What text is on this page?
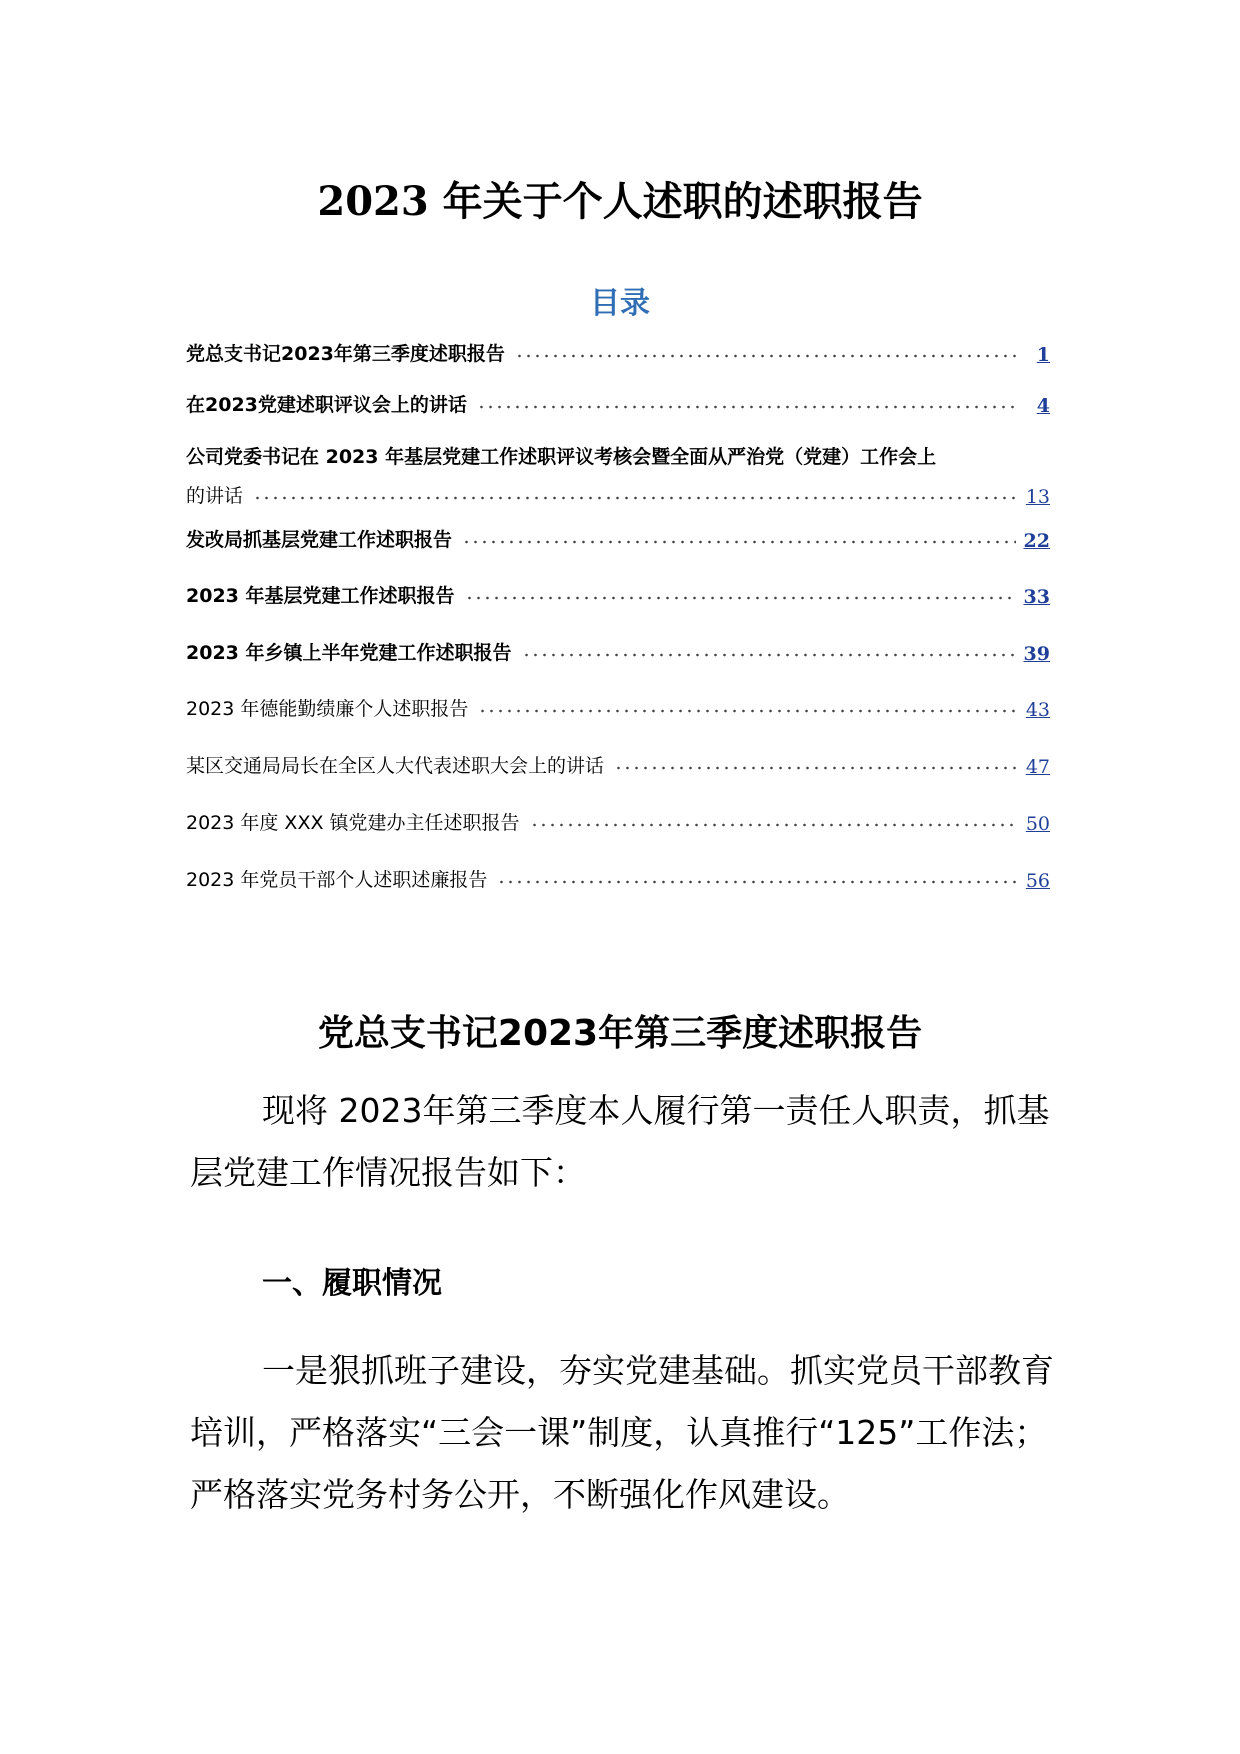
2023 年关于个人述职的述职报告
目录
党总支书记2023年第三季度述职报告	1
在2023党建述职评议会上的讲话	4
公司党委书记在 2023 年基层党建工作述职评议考核会暨全面从严治党（党建）工作会上
的讲话	13
发改局抓基层党建工作述职报告	22
2023 年基层党建工作述职报告	33
2023 年乡镇上半年党建工作述职报告	39
2023 年德能勤绩廉个人述职报告	43
某区交通局局长在全区人大代表述职大会上的讲话	47
2023 年度 XXX 镇党建办主任述职报告	50
2023 年党员干部个人述职述廉报告	56
党总支书记2023年第三季度述职报告

现将 2023年第三季度本人履行第一责任人职责，抓基层党建工作情况报告如下：

一、履职情况

一是狠抓班子建设，夯实党建基础。抓实党员干部教育培训，严格落实“三会一课”制度，认真推行“125”工作法；严格落实党务村务公开，不断强化作风建设。
